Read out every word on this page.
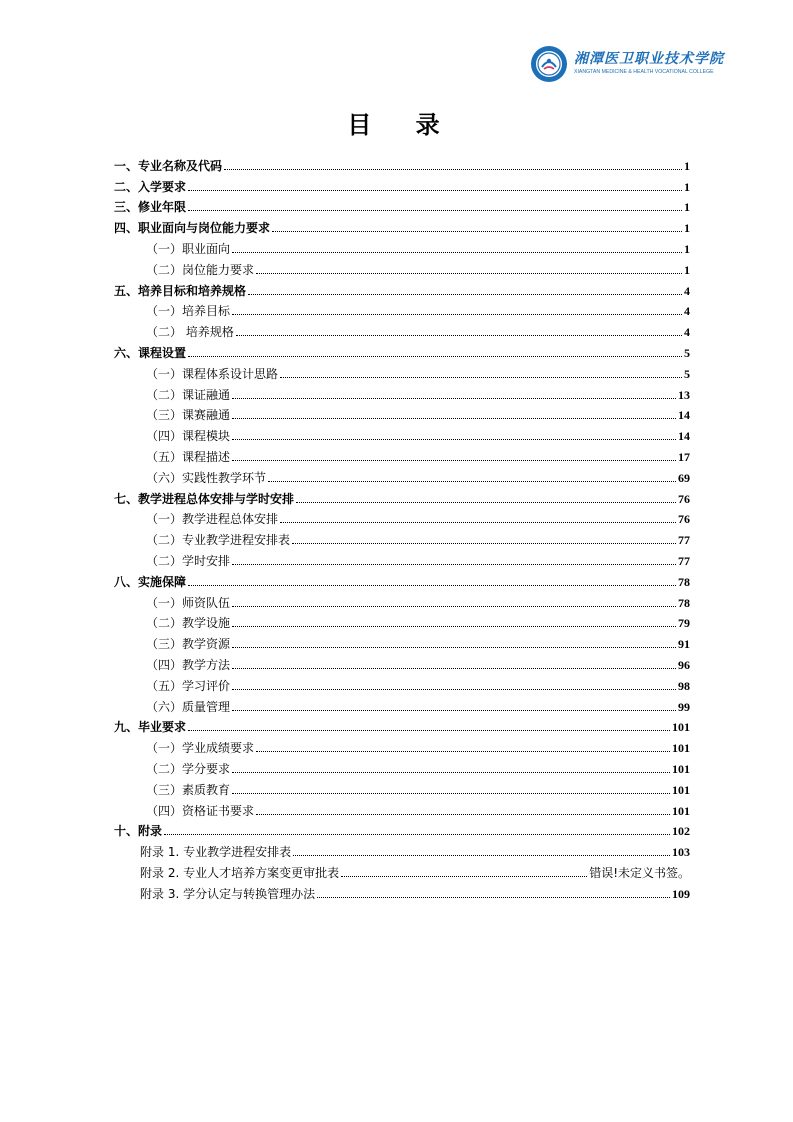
湘潭医卫职业技术学院
XIANGTAN MEDICINE & HEALTH VOCATIONAL COLLEGE
目 录
一、专业名称及代码	1
二、入学要求	1
三、修业年限	1
四、职业面向与岗位能力要求	1
（一）职业面向	1
（二）岗位能力要求	1
五、培养目标和培养规格	4
（一）培养目标	4
（二） 培养规格	4
六、课程设置	5
（一）课程体系设计思路	5
（二）课证融通	13
（三）课赛融通	14
（四）课程模块	14
（五）课程描述	17
（六）实践性教学环节	69
七、教学进程总体安排与学时安排	76
（一）教学进程总体安排	76
（二）专业教学进程安排表	77
（二）学时安排	77
八、实施保障	78
（一）师资队伍	78
（二）教学设施	79
（三）教学资源	91
（四）教学方法	96
（五）学习评价	98
（六）质量管理	99
九、毕业要求	101
（一）学业成绩要求	101
（二）学分要求	101
（三）素质教育	101
（四）资格证书要求	101
十、附录	102
附录 1. 专业教学进程安排表	103
附录 2. 专业人才培养方案变更审批表	错误!未定义书签。
附录 3. 学分认定与转换管理办法	109
